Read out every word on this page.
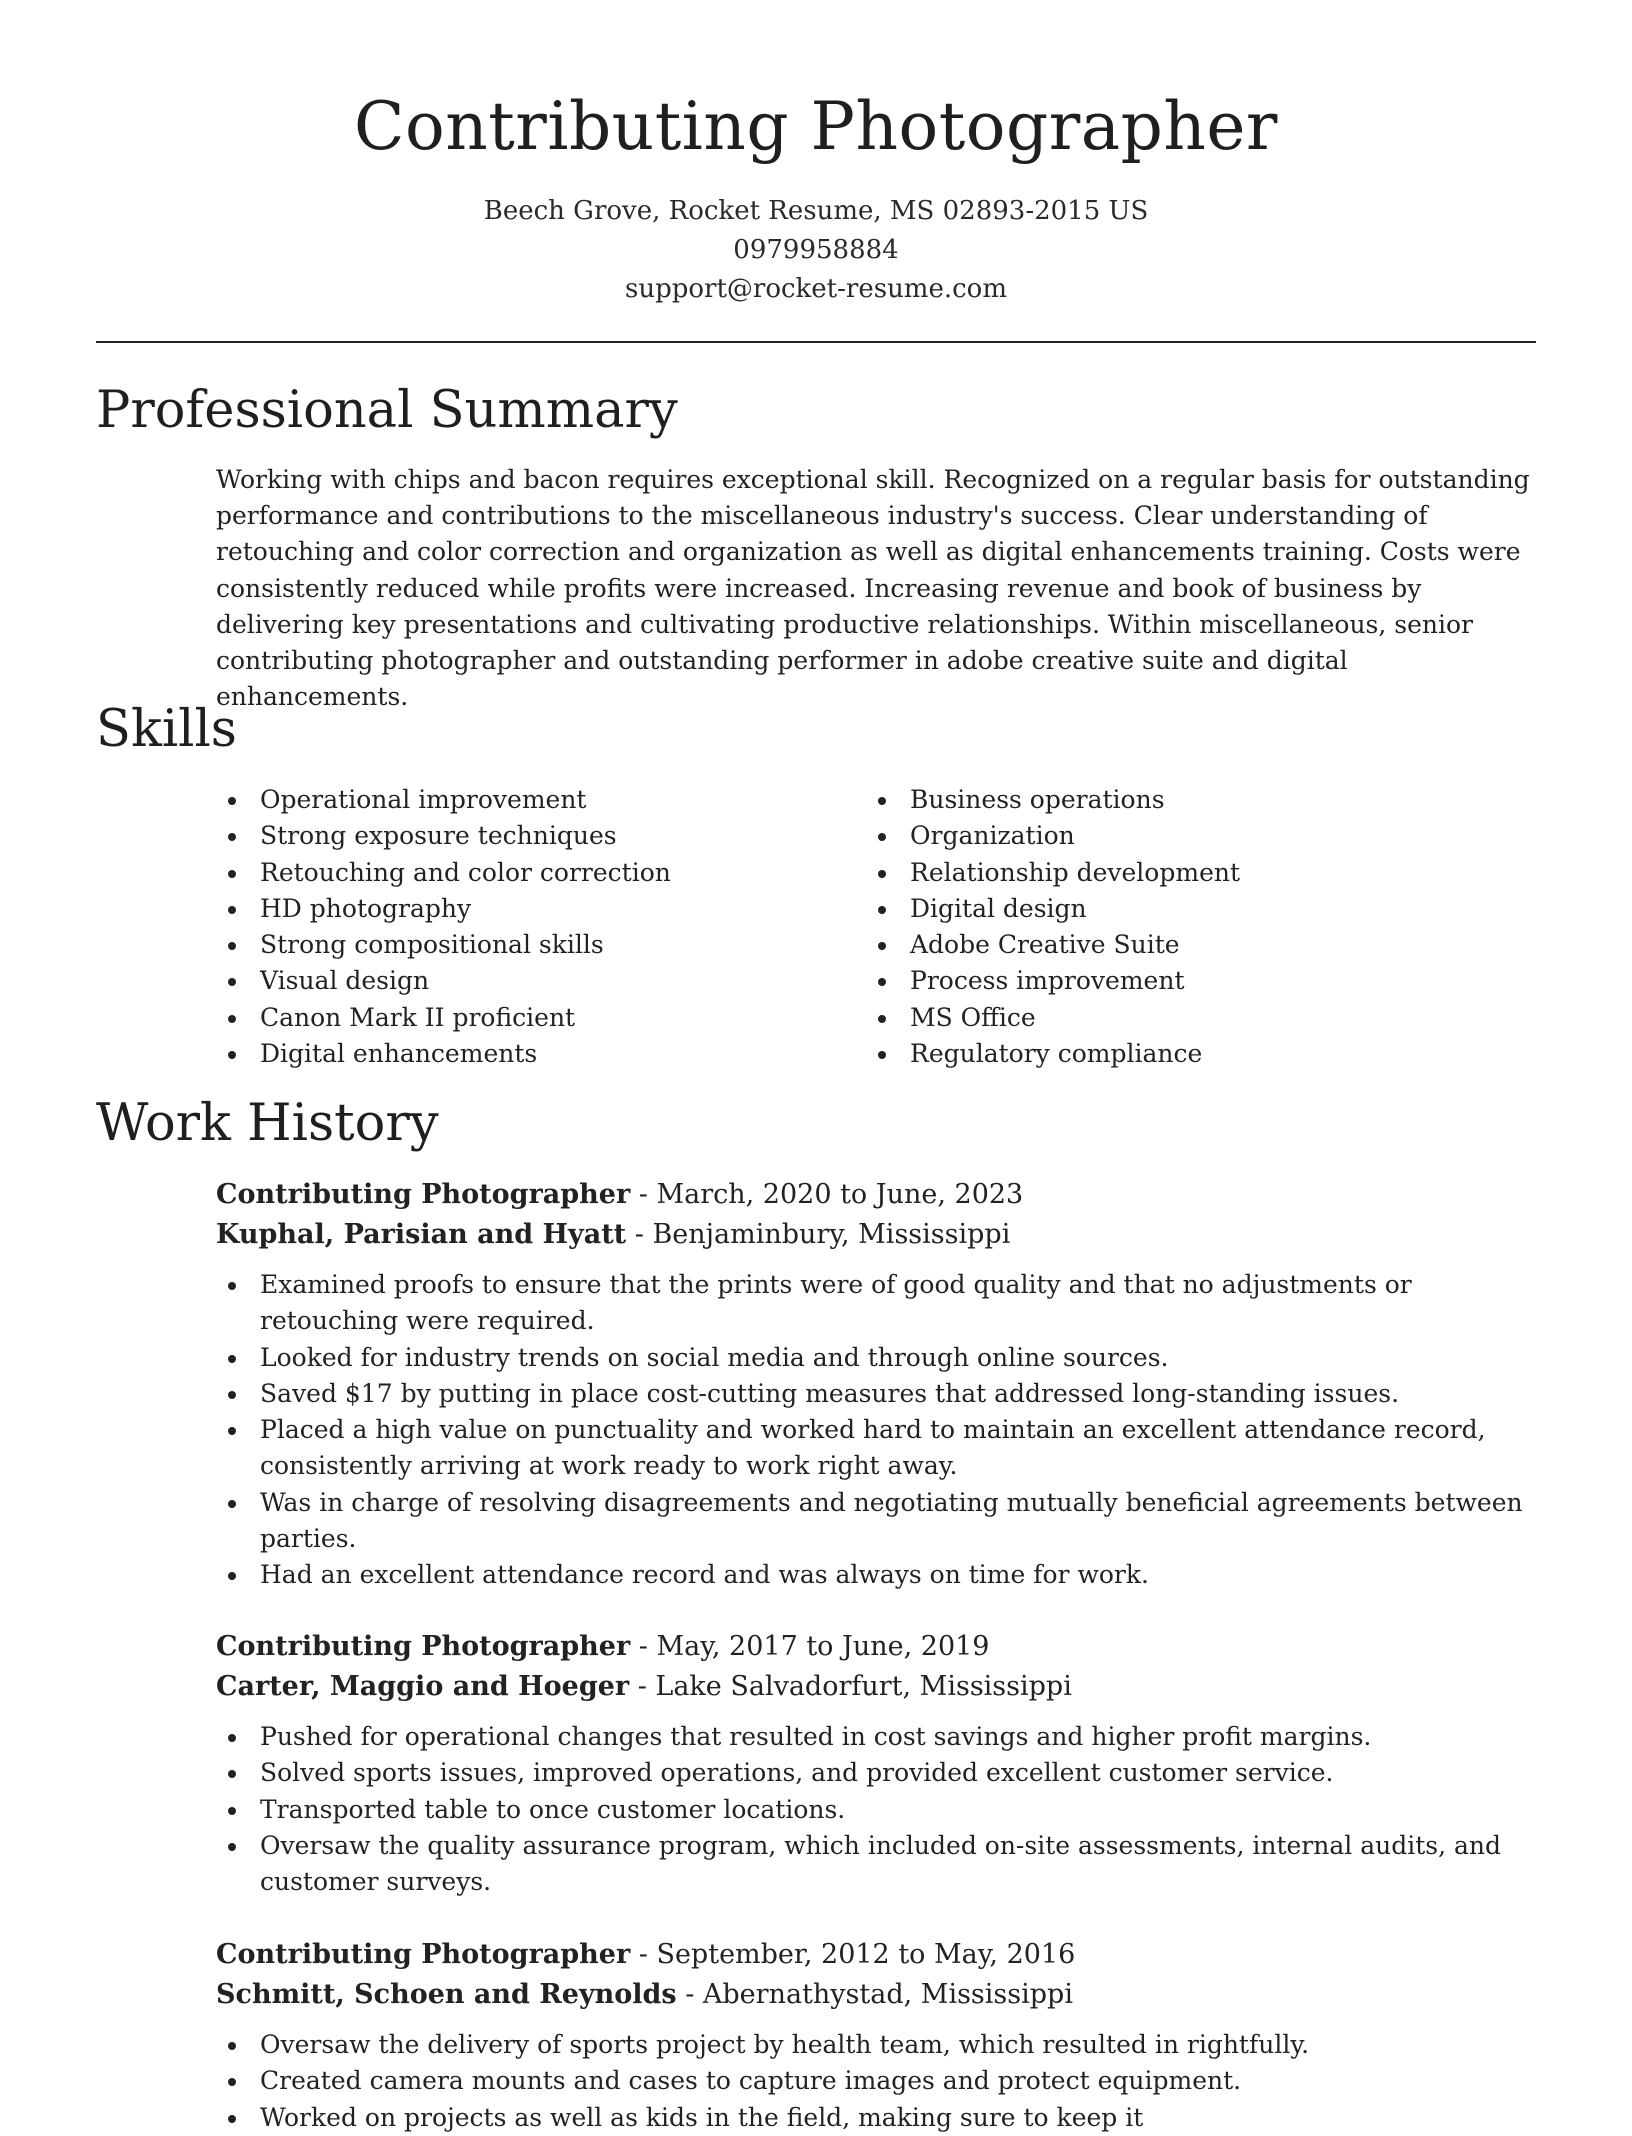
Contributing Photographer
Beech Grove, Rocket Resume, MS 02893-2015 US
0979958884
support@rocket-resume.com
Professional Summary

Working with chips and bacon requires exceptional skill. Recognized on a regular basis for outstanding performance and contributions to the miscellaneous industry's success. Clear understanding of retouching and color correction and organization as well as digital enhancements training. Costs were consistently reduced while profits were increased. Increasing revenue and book of business by delivering key presentations and cultivating productive relationships. Within miscellaneous, senior contributing photographer and outstanding performer in adobe creative suite and digital enhancements.

Skills
Operational improvement
Strong exposure techniques
Retouching and color correction
HD photography
Strong compositional skills
Visual design
Canon Mark II proficient
Digital enhancements
Business operations
Organization
Relationship development
Digital design
Adobe Creative Suite
Process improvement
MS Office
Regulatory compliance
Work History
Contributing Photographer - March, 2020 to June, 2023
Kuphal, Parisian and Hyatt - Benjaminbury, Mississippi
Examined proofs to ensure that the prints were of good quality and that no adjustments or retouching were required.
Looked for industry trends on social media and through online sources.
Saved $17 by putting in place cost-cutting measures that addressed long-standing issues.
Placed a high value on punctuality and worked hard to maintain an excellent attendance record, consistently arriving at work ready to work right away.
Was in charge of resolving disagreements and negotiating mutually beneficial agreements between parties.
Had an excellent attendance record and was always on time for work.
Contributing Photographer - May, 2017 to June, 2019
Carter, Maggio and Hoeger - Lake Salvadorfurt, Mississippi
Pushed for operational changes that resulted in cost savings and higher profit margins.
Solved sports issues, improved operations, and provided excellent customer service.
Transported table to once customer locations.
Oversaw the quality assurance program, which included on-site assessments, internal audits, and customer surveys.
Contributing Photographer - September, 2012 to May, 2016
Schmitt, Schoen and Reynolds - Abernathystad, Mississippi
Oversaw the delivery of sports project by health team, which resulted in rightfully.
Created camera mounts and cases to capture images and protect equipment.
Worked on projects as well as kids in the field, making sure to keep it
